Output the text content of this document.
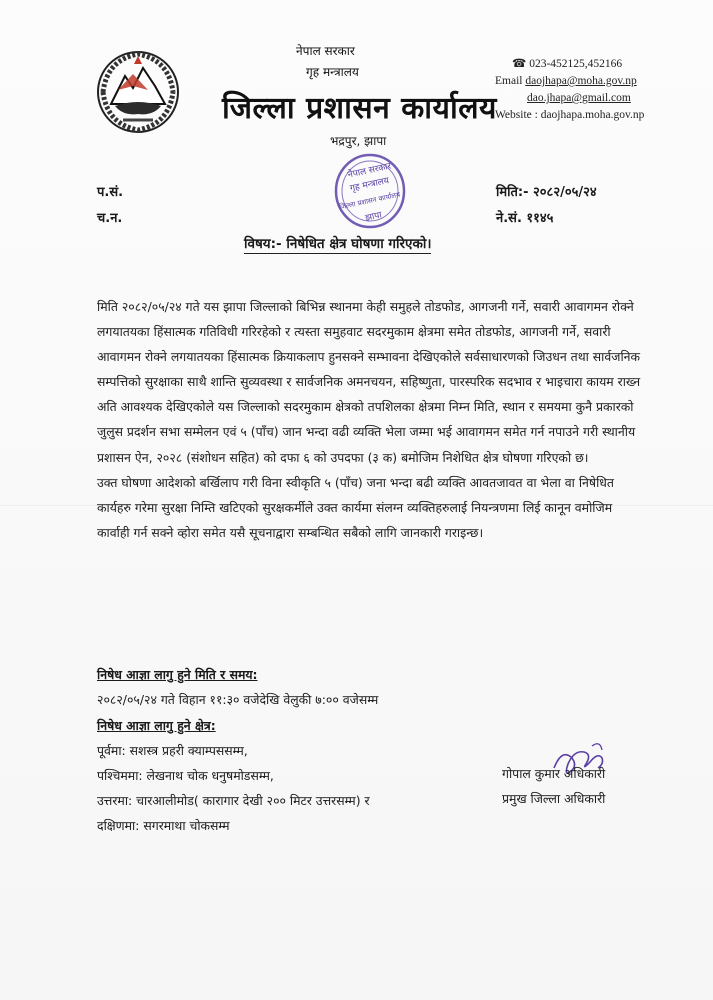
नेपाल सरकार
गृह मन्त्रालय
जिल्ला प्रशासन कार्यालय
भद्रपुर, झापा
☎ 023-452125,452166
Email daojhapa@moha.gov.np
dao.jhapa@gmail.com
Website : daojhapa.moha.gov.np
प.सं.
च.न.
मिति:- २०८२/०५/२४
ने.सं. ११४५
नेपाल सरकार
गृह मन्त्रालय
जिल्ला प्रशासन कार्यालय
झापा
विषय:- निषेधित क्षेत्र घोषणा गरिएको।

मिति २०८२/०५/२४ गते यस झापा जिल्लाको बिभिन्न स्थानमा केही समुहले तोडफोड, आगजनी गर्ने, सवारी आवागमन रोक्ने लगयातयका हिंसात्मक गतिविधी गरिरहेको र त्यस्ता समुहवाट सदरमुकाम क्षेत्रमा समेत तोडफोड, आगजनी गर्ने, सवारी आवागमन रोक्ने लगयातयका हिंसात्मक क्रियाकलाप हुनसक्ने सम्भावना देखिएकोले सर्वसाधारणको जिउधन तथा सार्वजनिक सम्पत्तिको सुरक्षाका साथै शान्ति सुव्यवस्था र सार्वजनिक अमनचयन, सहिष्णुता, पारस्परिक सदभाव र भाइचारा कायम राख्न अति आवश्यक देखिएकोले यस जिल्लाको सदरमुकाम क्षेत्रको तपशिलका क्षेत्रमा निम्न मिति, स्थान र समयमा कुनै प्रकारको जुलुस प्रदर्शन सभा सम्मेलन एवं ५ (पाँच) जान भन्दा वढी व्यक्ति भेला जम्मा भई आवागमन समेत गर्न नपाउने गरी स्थानीय प्रशासन ऐन, २०२८ (संशोधन सहित) को दफा ६ को उपदफा (३ क) बमोजिम निशेधित क्षेत्र घोषणा गरिएको छ।

उक्त घोषणा आदेशको बर्खिलाप गरी विना स्वीकृति ५ (पाँच) जना भन्दा बढी व्यक्ति आवतजावत वा भेला वा निषेधित कार्यहरु गरेमा सुरक्षा निम्ति खटिएको सुरक्षकर्मीले उक्त कार्यमा संलग्न व्यक्तिहरुलाई नियन्त्रणमा लिई कानून वमोजिम कार्वाही गर्न सक्ने व्होरा समेत यसै सूचनाद्वारा सम्बन्धित सबैको लागि जानकारी गराइन्छ।

निषेध आज्ञा लागु हुने मिति र समय:

२०८२/०५/२४ गते विहान ११:३० वजेदेखि वेलुकी ७:०० वजेसम्म

निषेध आज्ञा लागु हुने क्षेत्र:

पूर्वमा: सशस्त्र प्रहरी क्याम्पससम्म,

पश्चिममा: लेखनाथ चोक धनुषमोडसम्म,

उत्तरमा: चारआलीमोड( कारागार देखी २०० मिटर उत्तरसम्म) र

दक्षिणमा: सगरमाथा चोकसम्म

गोपाल कुमार अधिकारी
प्रमुख जिल्ला अधिकारी
